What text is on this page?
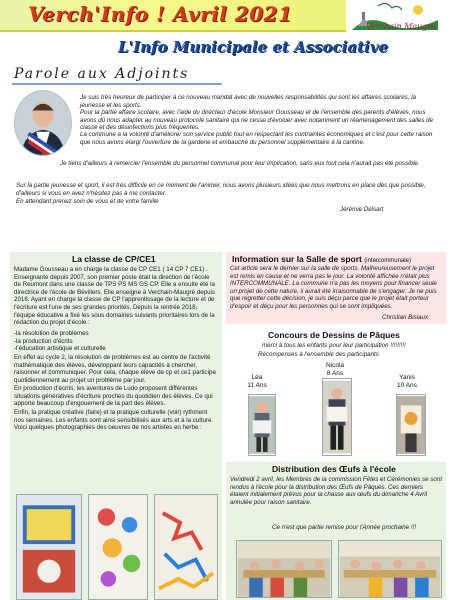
Verch'Info ! Avril 2021
L'Info Municipale et Associative
Verchain Maugré
Parole aux Adjoints
Je suis très heureux de participer à ce nouveau mandat avec de nouvelles responsabilités qui sont les affaires scolaires, la jeunesse et les sports.
Pour la partie affaire scolaire, avec l'aide du directeur d'école Monsieur Gousseau et de l'ensemble des parents d'élèves, nous avons dû nous adapter au nouveau protocole sanitaire qui ne cesse d'évoluer avec notamment un réaménagement des salles de classe et des désinfections plus fréquentes.
La commune a la volonté d'améliorer son service public tout en respectant les contraintes économiques et c'est pour cette raison que nous avons élargi l'ouverture de la garderie et embauché du personnel supplémentaire à la cantine.
Je tiens d'ailleurs à remercier l'ensemble du personnel communal pour leur implication, sans eux tout cela n'aurait pas été possible.
Sur la partie jeunesse et sport, il est très difficile en ce moment de l'animer, nous avons plusieurs idées que nous mettrons en place dès que possible, d'ailleurs si vous en avez n'hésitez pas à me contacter.
En attendant prenez soin de vous et de votre famille
Jérémie Delsart
La classe de CP/CE1
Madame Gousseau a en charge la classe de CP CE1 ( 14 CP 7 CE1) . Enseignante depuis 2007, son premier poste était la direction de l'école de Reumont dans une classe de TPS PS MS GS CP. Elle a ensuite été la directrice de l'école de Bévillers. Elle enseigne à Verchain-Maugré depuis 2016. Ayant en charge la classe de CP l'apprentissage de la lecture et de l'écriture est l'une de ses grandes priorités. Depuis la rentrée 2018, l'équipe éducative a fixé les sous domaines suivants prioritaires lors de la rédaction du projet d'école :
-la résolution de problèmes
-la production d'écrits
-l'éducation artistique et culturelle
En effet au cycle 2, la résolution de problèmes est au centre de l'activité mathématique des élèves, développant leurs capacités à chercher, raisonner et communiquer. Pour cela, chaque élève de cp et ce1 participe quotidiennement au projet un problème par jour.
En production d'écrits, les aventures de Ludo proposent différentes situations génératives d'écriture proches du quotidien des élèves. Ce qui apporte beaucoup d'engouement de la part des élèves.
Enfin, la pratique créative (faire) et la pratique culturelle (voir) rythment nos semaines. Les enfants sont ainsi sensibilisés aux arts et à la culture. Voici quelques photographies des oeuvres de nos artistes en herbe :
Information sur la Salle de sport (intercommunale)
Cet article sera le dernier sur la salle de sports. Malheureusement le projet est remis en cause et ne verra pas le jour. La volonté affichée n'était plus INTERCOMMUNALE. La commune n'a pas les moyens pour financer seule un projet de cette nature, il aurait été irraisonnable de s'engager. Je ne puis que regretter cette décision, je suis déçu parce que le projet était porteur d'espoir et déçu pour les personnes qui se sont impliquées.
Christian Bisiaux
Concours de Dessins de Pâques
merci à tous les enfants pour leur participation !!!!!!!!!
Récompenses à l'ensemble des participants
Léa
11 Ans
Nicola
8 Ans
Yanis
10 Ans
Distribution des Œufs à l'école
Vendredi 2 avril, les Membres de la commission Fêtes et Cérémonies se sont rendus à l'école pour la distribution des Œufs de Pâques. Ces derniers étaient initialement prévus pour la chasse aux œufs du dimanche 4 Avril annulée pour raison sanitaire.
Ce n'est que partie remise pour l'Année prochaine !!!
